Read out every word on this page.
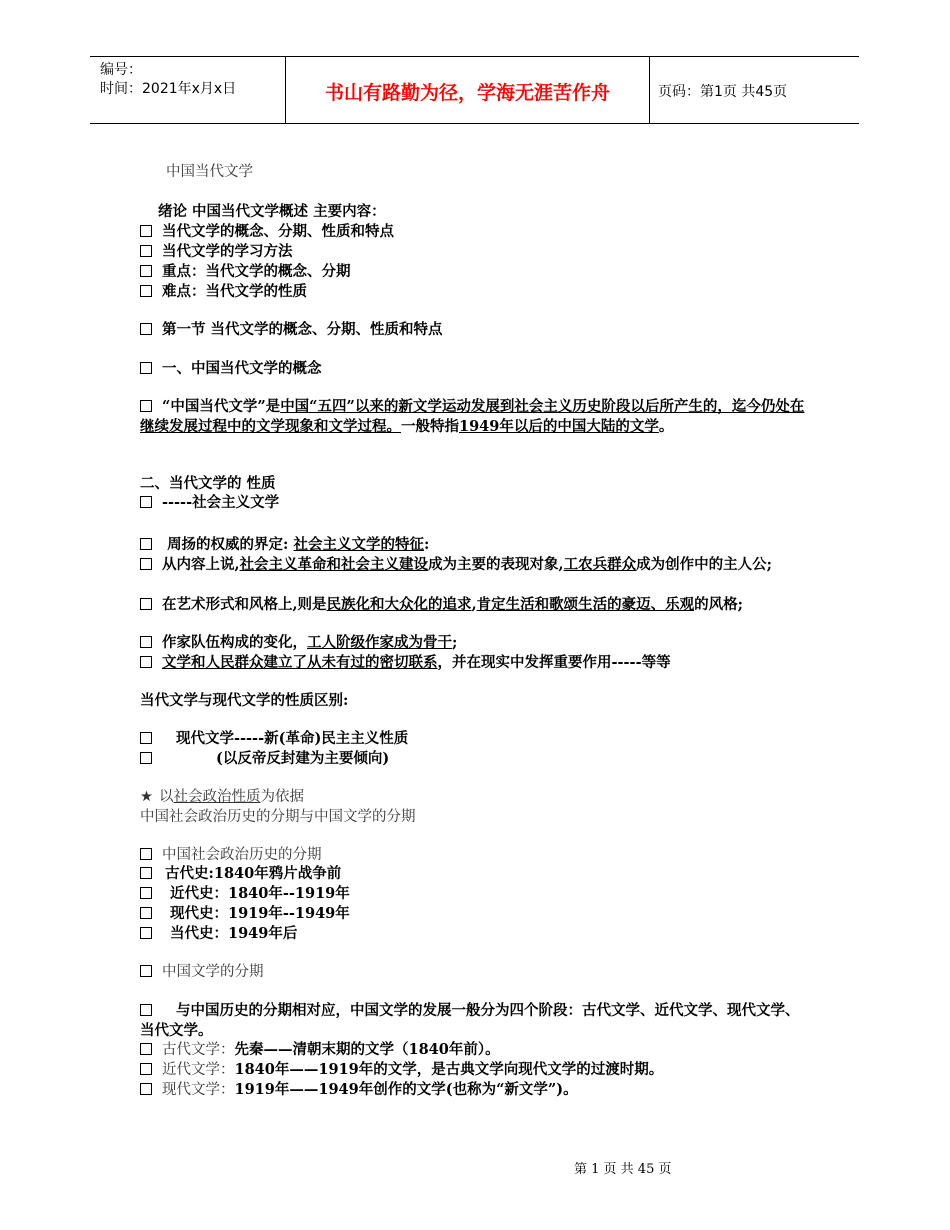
编号：
时间：2021年x月x日	书山有路勤为径，学海无涯苦作舟	页码：第1页 共45页
中国当代文学
绪论 中国当代文学概述 主要内容：
当代文学的概念、分期、性质和特点
当代文学的学习方法
重点：当代文学的概念、分期
难点：当代文学的性质
第一节 当代文学的概念、分期、性质和特点
一、中国当代文学的概念
“中国当代文学”是中国“五四”以来的新文学运动发展到社会主义历史阶段以后所产生的，迄今仍处在继续发展过程中的文学现象和文学过程。一般特指1949年以后的中国大陆的文学。
二、当代文学的 性质
-----社会主义文学
周扬的权威的界定: 社会主义文学的特征:
从内容上说,社会主义革命和社会主义建设成为主要的表现对象,工农兵群众成为创作中的主人公;
在艺术形式和风格上,则是民族化和大众化的追求,肯定生活和歌颂生活的豪迈、乐观的风格;
作家队伍构成的变化，工人阶级作家成为骨干;
文学和人民群众建立了从未有过的密切联系，并在现实中发挥重要作用-----等等
当代文学与现代文学的性质区别:
现代文学-----新(革命)民主主义性质
(以反帝反封建为主要倾向)
★ 以社会政治性质为依据
中国社会政治历史的分期与中国文学的分期
中国社会政治历史的分期
古代史:1840年鸦片战争前
近代史：1840年--1919年
现代史：1919年--1949年
当代史：1949年后
中国文学的分期
与中国历史的分期相对应，中国文学的发展一般分为四个阶段：古代文学、近代文学、现代文学、当代文学。
古代文学：先秦——清朝末期的文学（1840年前）。
近代文学：1840年——1919年的文学，是古典文学向现代文学的过渡时期。
现代文学：1919年——1949年创作的文学(也称为“新文学”)。
第 1 页 共 45 页
